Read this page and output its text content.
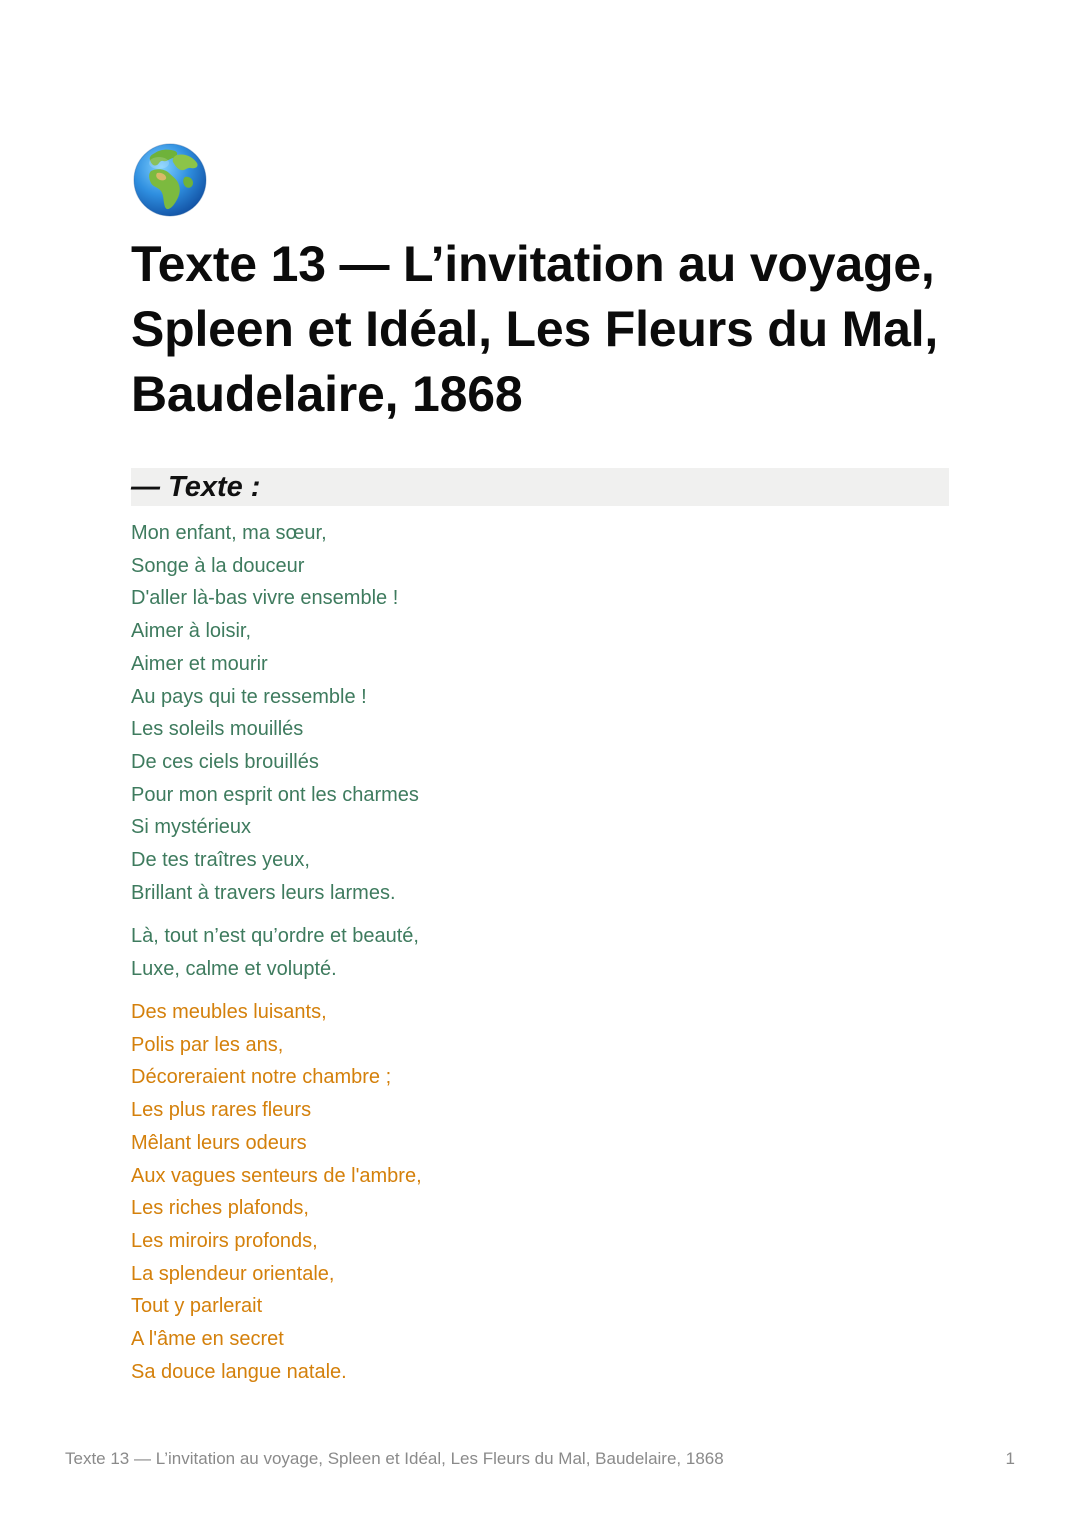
Texte 13 — L’invitation au voyage, Spleen et Idéal, Les Fleurs du Mal, Baudelaire, 1868
— Texte :
Mon enfant, ma sœur,
Songe à la douceur
D'aller là-bas vivre ensemble !
Aimer à loisir,
Aimer et mourir
Au pays qui te ressemble !
Les soleils mouillés
De ces ciels brouillés
Pour mon esprit ont les charmes
Si mystérieux
De tes traîtres yeux,
Brillant à travers leurs larmes.
Là, tout n’est qu’ordre et beauté,
Luxe, calme et volupté.
Des meubles luisants,
Polis par les ans,
Décoreraient notre chambre ;
Les plus rares fleurs
Mêlant leurs odeurs
Aux vagues senteurs de l'ambre,
Les riches plafonds,
Les miroirs profonds,
La splendeur orientale,
Tout y parlerait
A l'âme en secret
Sa douce langue natale.
Texte 13 — L’invitation au voyage, Spleen et Idéal, Les Fleurs du Mal, Baudelaire, 1868	1
